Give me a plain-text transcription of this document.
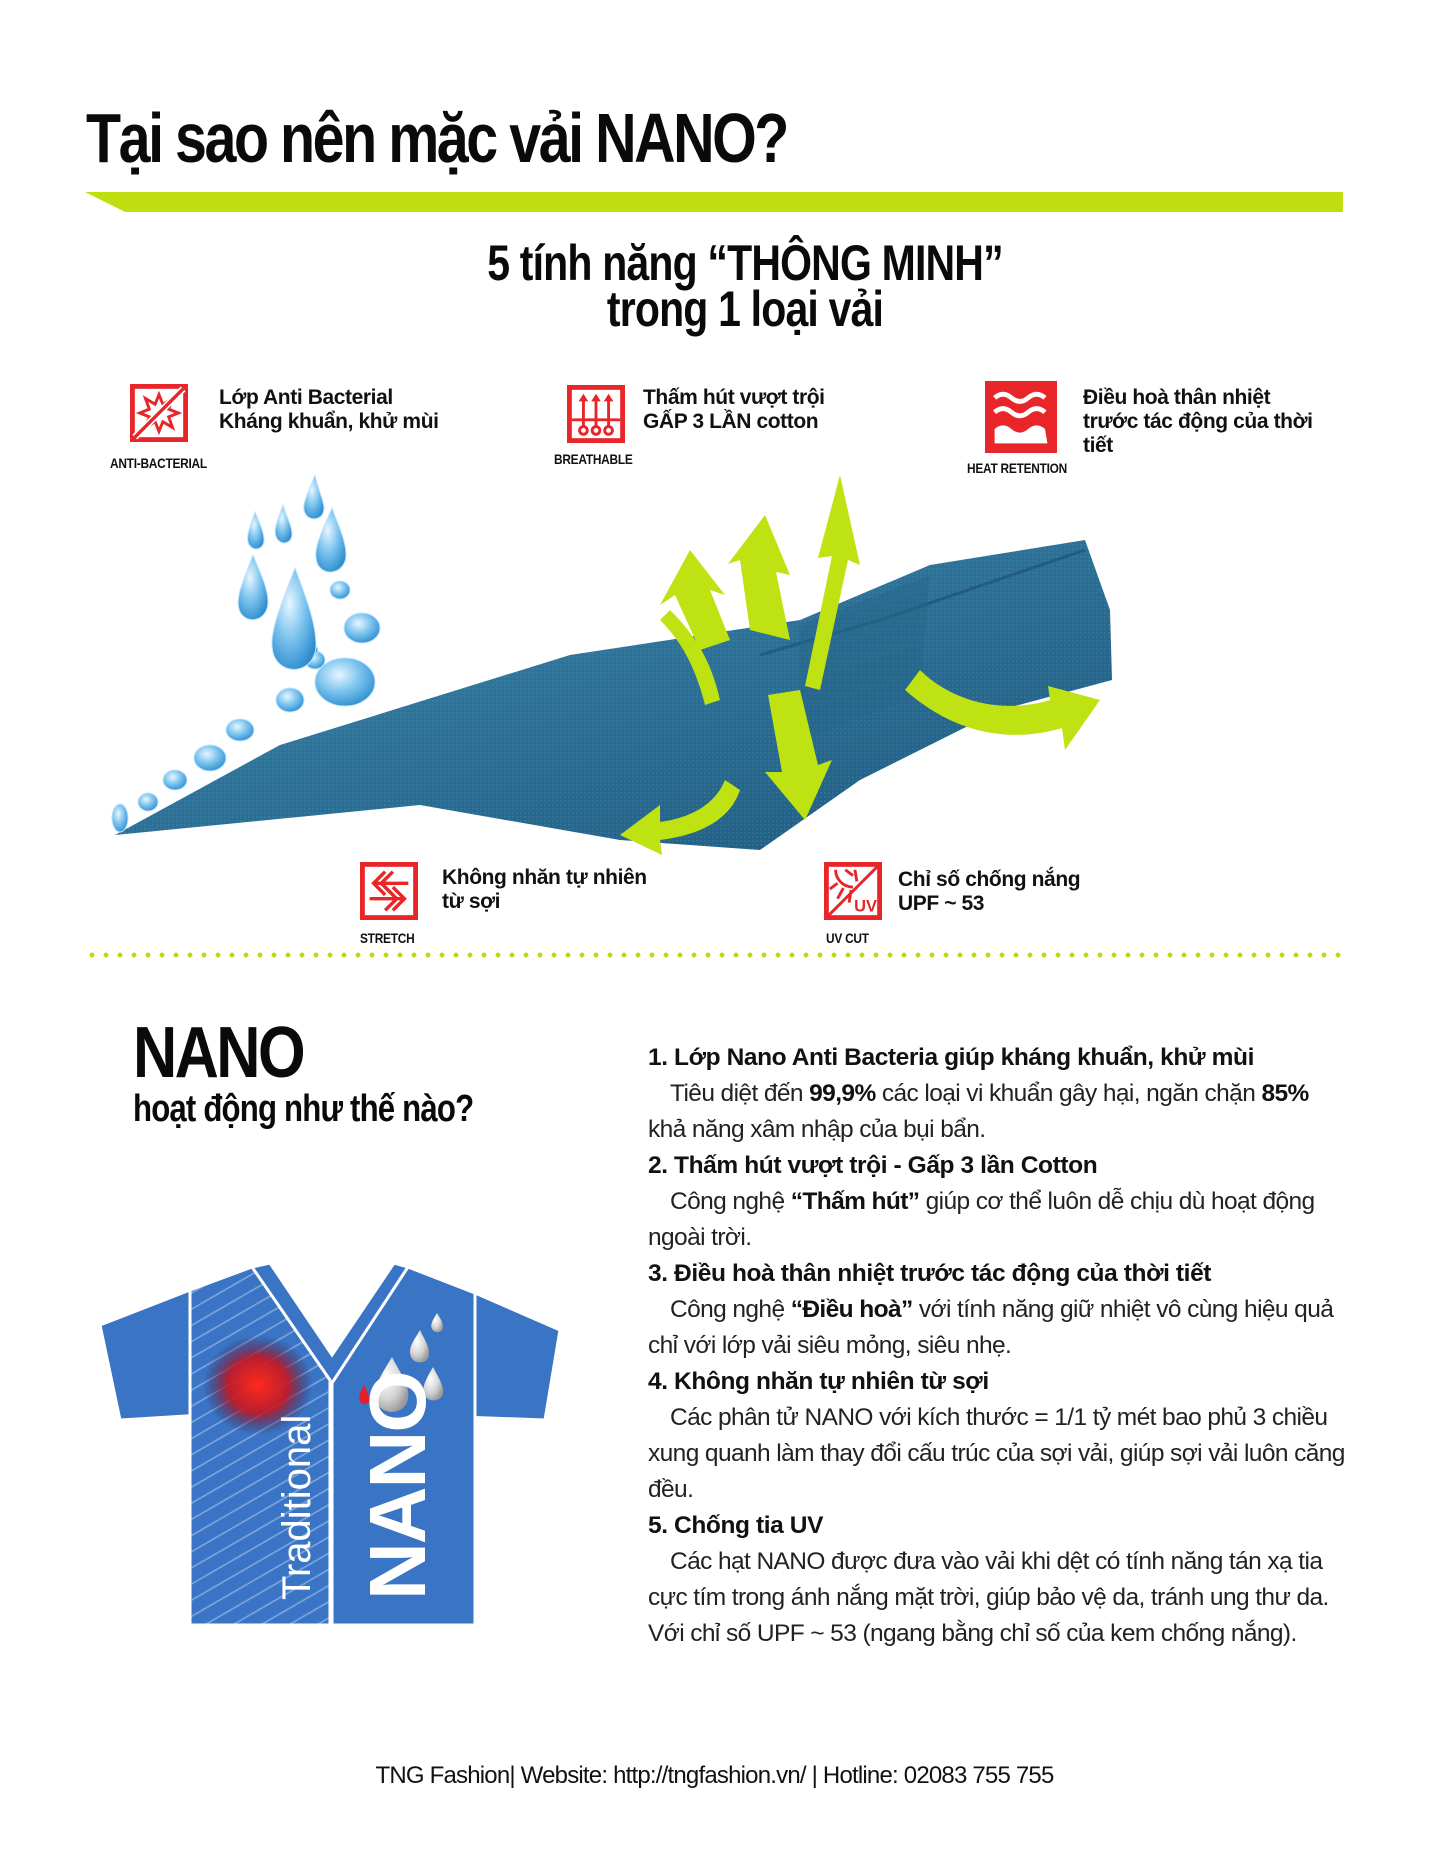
Tại sao nên mặc vải NANO?
5 tính năng “THÔNG MINH”
trong 1 loại vải
ANTI-BACTERIAL
Lớp Anti Bacterial
Kháng khuẩn, khử mùi
BREATHABLE
Thấm hút vượt trội
GẤP 3 LẦN cotton
HEAT RETENTION
Điều hoà thân nhiệt
trước tác động của thời
tiết
STRETCH
Không nhăn tự nhiên
từ sợi	UV
UV CUT
Chỉ số chống nắng
UPF ~ 53
NANO
hoạt động như thế nào?
Traditional NANO
1. Lớp Nano Anti Bacteria giúp kháng khuẩn, khử mùi
Tiêu diệt đến 99,9% các loại vi khuẩn gây hại, ngăn chặn 85% khả năng xâm nhập của bụi bẩn.
2. Thấm hút vượt trội - Gấp 3 lần Cotton
Công nghệ “Thấm hút” giúp cơ thể luôn dễ chịu dù hoạt động ngoài trời.
3. Điều hoà thân nhiệt trước tác động của thời tiết
Công nghệ “Điều hoà” với tính năng giữ nhiệt vô cùng hiệu quả chỉ với lớp vải siêu mỏng, siêu nhẹ.
4. Không nhăn tự nhiên từ sợi
Các phân tử NANO với kích thước = 1/1 tỷ mét bao phủ 3 chiều xung quanh làm thay đổi cấu trúc của sợi vải, giúp sợi vải luôn căng đều.
5. Chống tia UV
Các hạt NANO được đưa vào vải khi dệt có tính năng tán xạ tia cực tím trong ánh nắng mặt trời, giúp bảo vệ da, tránh ung thư da. Với chỉ số UPF ~ 53 (ngang bằng chỉ số của kem chống nắng).
TNG Fashion| Website: http://tngfashion.vn/ | Hotline: 02083 755 755
